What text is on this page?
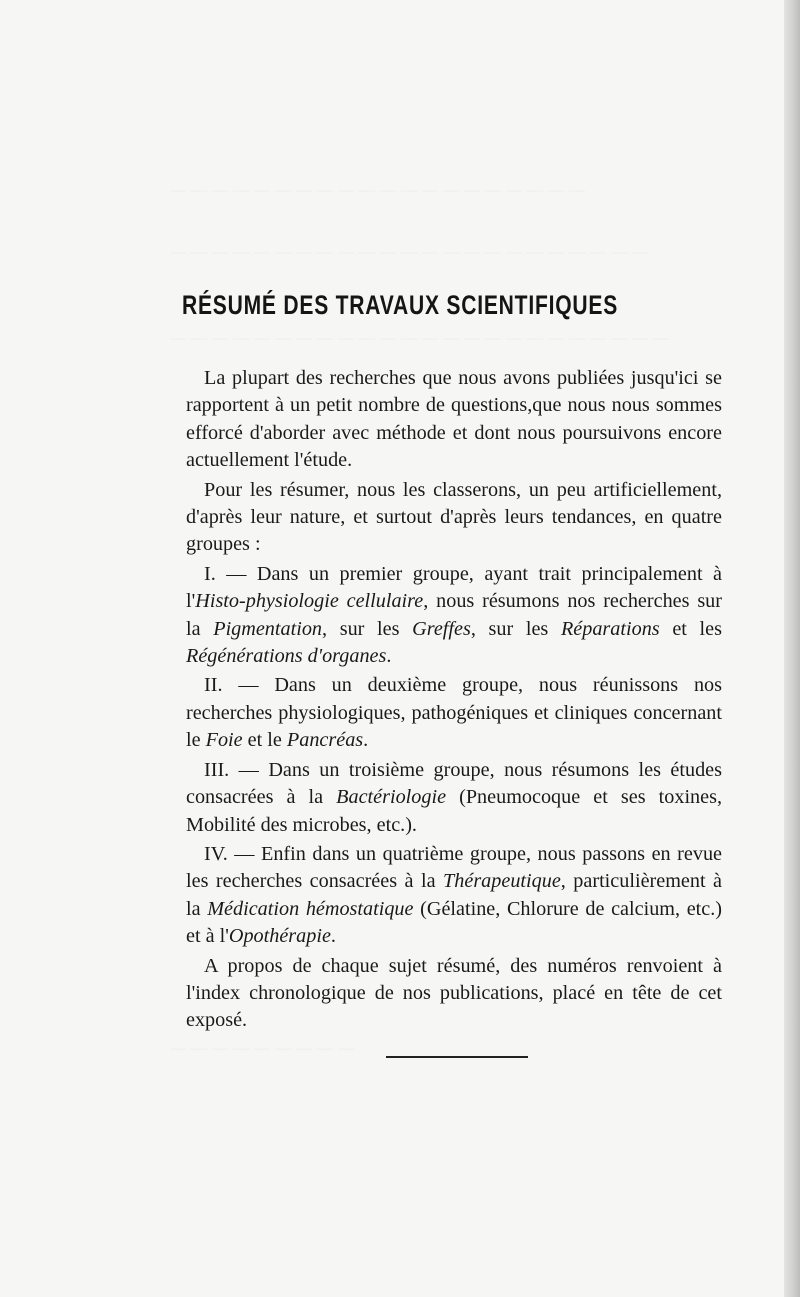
— — — — — — — — — — — — — — — — — — — —
— — — — — — — — — — — — — — — — — — — — — — —
— — — — — — — — — — — — — — — — — — — — — — — —
— — — — — — — — —
RÉSUMÉ DES TRAVAUX SCIENTIFIQUES

La plupart des recherches que nous avons publiées jusqu'ici se rapportent à un petit nombre de questions,que nous nous sommes efforcé d'aborder avec méthode et dont nous poursuivons encore actuellement l'étude.

Pour les résumer, nous les classerons, un peu artificiellement, d'après leur nature, et surtout d'après leurs tendances, en quatre groupes :

I. — Dans un premier groupe, ayant trait principalement à l'Histo-physiologie cellulaire, nous résumons nos recherches sur la Pigmentation, sur les Greffes, sur les Réparations et les Régénérations d'organes.

II. — Dans un deuxième groupe, nous réunissons nos recherches physiologiques, pathogéniques et cliniques concernant le Foie et le Pancréas.

III. — Dans un troisième groupe, nous résumons les études consacrées à la Bactériologie (Pneumocoque et ses toxines, Mobilité des microbes, etc.).

IV. — Enfin dans un quatrième groupe, nous passons en revue les recherches consacrées à la Thérapeutique, particulièrement à la Médication hémostatique (Gélatine, Chlorure de calcium, etc.) et à l'Opothérapie.

A propos de chaque sujet résumé, des numéros renvoient à l'index chronologique de nos publications, placé en tête de cet exposé.
